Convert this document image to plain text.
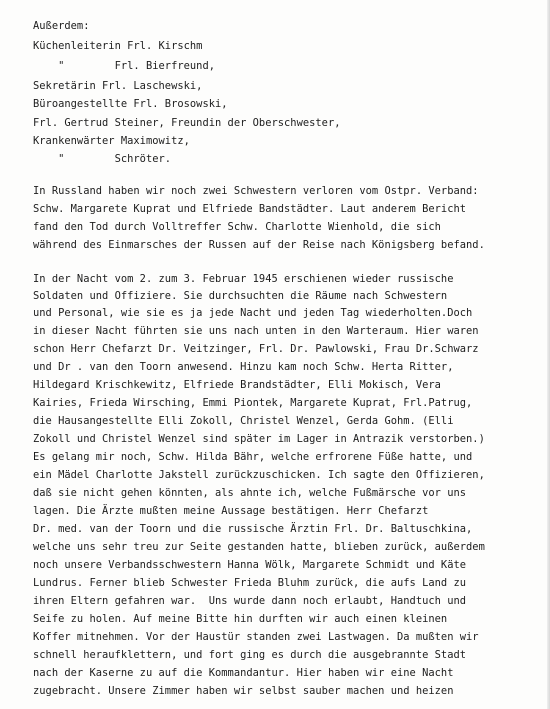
Außerdem:
Küchenleiterin Frl. Kirschm
"        Frl. Bierfreund,
Sekretärin Frl. Laschewski,
Büroangestellte Frl. Brosowski,
Frl. Gertrud Steiner, Freundin der Oberschwester,
Krankenwärter Maximowitz,
"        Schröter.
In Russland haben wir noch zwei Schwestern verloren vom Ostpr. Verband:
Schw. Margarete Kuprat und Elfriede Bandstädter. Laut anderem Bericht
fand den Tod durch Volltreffer Schw. Charlotte Wienhold, die sich
während des Einmarsches der Russen auf der Reise nach Königsberg befand.
In der Nacht vom 2. zum 3. Februar 1945 erschienen wieder russische
Soldaten und Offiziere. Sie durchsuchten die Räume nach Schwestern
und Personal, wie sie es ja jede Nacht und jeden Tag wiederholten.Doch
in dieser Nacht führten sie uns nach unten in den Warteraum. Hier waren
schon Herr Chefarzt Dr. Veitzinger, Frl. Dr. Pawlowski, Frau Dr.Schwarz
und Dr . van den Toorn anwesend. Hinzu kam noch Schw. Herta Ritter,
Hildegard Krischkewitz, Elfriede Brandstädter, Elli Mokisch, Vera
Kairies, Frieda Wirsching, Emmi Piontek, Margarete Kuprat, Frl.Patrug,
die Hausangestellte Elli Zokoll, Christel Wenzel, Gerda Gohm. (Elli
Zokoll und Christel Wenzel sind später im Lager in Antrazik verstorben.)
Es gelang mir noch, Schw. Hilda Bähr, welche erfrorene Füße hatte, und
ein Mädel Charlotte Jakstell zurückzuschicken. Ich sagte den Offizieren,
daß sie nicht gehen könnten, als ahnte ich, welche Fußmärsche vor uns
lagen. Die Ärzte mußten meine Aussage bestätigen. Herr Chefarzt
Dr. med. van der Toorn und die russische Ärztin Frl. Dr. Baltuschkina,
welche uns sehr treu zur Seite gestanden hatte, blieben zurück, außerdem
noch unsere Verbandsschwestern Hanna Wölk, Margarete Schmidt und Käte
Lundrus. Ferner blieb Schwester Frieda Bluhm zurück, die aufs Land zu
ihren Eltern gefahren war.  Uns wurde dann noch erlaubt, Handtuch und
Seife zu holen. Auf meine Bitte hin durften wir auch einen kleinen
Koffer mitnehmen. Vor der Haustür standen zwei Lastwagen. Da mußten wir
schnell heraufklettern, und fort ging es durch die ausgebrannte Stadt
nach der Kaserne zu auf die Kommandantur. Hier haben wir eine Nacht
zugebracht. Unsere Zimmer haben wir selbst sauber machen und heizen
